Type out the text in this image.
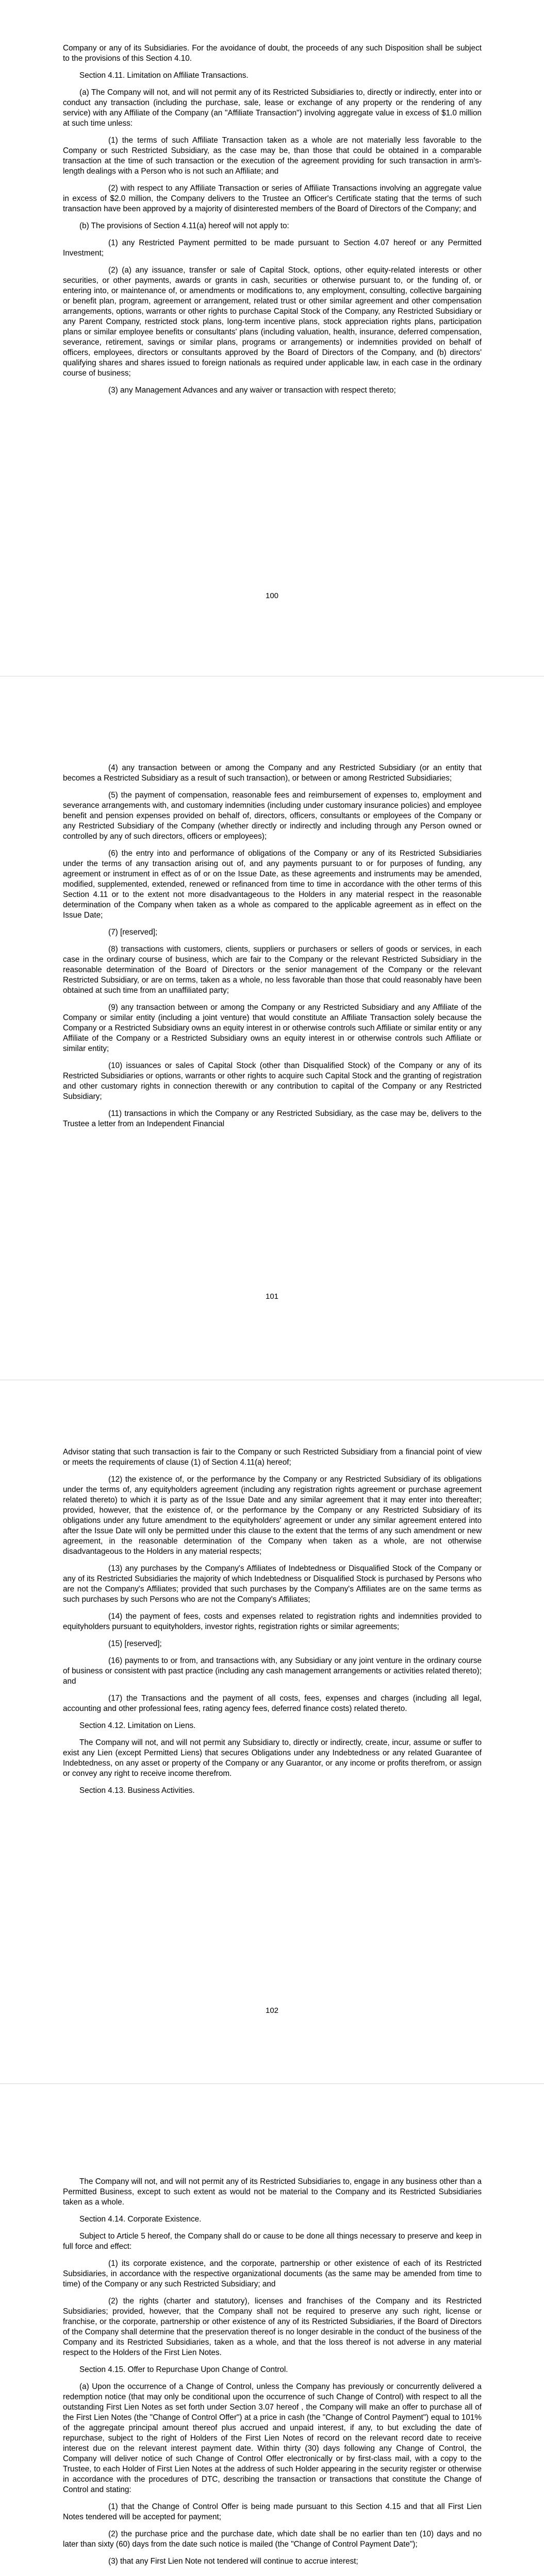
Company or any of its Subsidiaries. For the avoidance of doubt, the proceeds of any such Disposition shall be subject to the provisions of this Section 4.10.

Section 4.11. Limitation on Affiliate Transactions.

(a) The Company will not, and will not permit any of its Restricted Subsidiaries to, directly or indirectly, enter into or conduct any transaction (including the purchase, sale, lease or exchange of any property or the rendering of any service) with any Affiliate of the Company (an "Affiliate Transaction") involving aggregate value in excess of $1.0 million at such time unless:

(1) the terms of such Affiliate Transaction taken as a whole are not materially less favorable to the Company or such Restricted Subsidiary, as the case may be, than those that could be obtained in a comparable transaction at the time of such transaction or the execution of the agreement providing for such transaction in arm's-length dealings with a Person who is not such an Affiliate; and

(2) with respect to any Affiliate Transaction or series of Affiliate Transactions involving an aggregate value in excess of $2.0 million, the Company delivers to the Trustee an Officer's Certificate stating that the terms of such transaction have been approved by a majority of disinterested members of the Board of Directors of the Company; and

(b) The provisions of Section 4.11(a) hereof will not apply to:

(1) any Restricted Payment permitted to be made pursuant to Section 4.07 hereof or any Permitted Investment;

(2) (a) any issuance, transfer or sale of Capital Stock, options, other equity-related interests or other securities, or other payments, awards or grants in cash, securities or otherwise pursuant to, or the funding of, or entering into, or maintenance of, or amendments or modifications to, any employment, consulting, collective bargaining or benefit plan, program, agreement or arrangement, related trust or other similar agreement and other compensation arrangements, options, warrants or other rights to purchase Capital Stock of the Company, any Restricted Subsidiary or any Parent Company, restricted stock plans, long-term incentive plans, stock appreciation rights plans, participation plans or similar employee benefits or consultants' plans (including valuation, health, insurance, deferred compensation, severance, retirement, savings or similar plans, programs or arrangements) or indemnities provided on behalf of officers, employees, directors or consultants approved by the Board of Directors of the Company, and (b) directors' qualifying shares and shares issued to foreign nationals as required under applicable law, in each case in the ordinary course of business;

(3) any Management Advances and any waiver or transaction with respect thereto;

100

(4) any transaction between or among the Company and any Restricted Subsidiary (or an entity that becomes a Restricted Subsidiary as a result of such transaction), or between or among Restricted Subsidiaries;

(5) the payment of compensation, reasonable fees and reimbursement of expenses to, employment and severance arrangements with, and customary indemnities (including under customary insurance policies) and employee benefit and pension expenses provided on behalf of, directors, officers, consultants or employees of the Company or any Restricted Subsidiary of the Company (whether directly or indirectly and including through any Person owned or controlled by any of such directors, officers or employees);

(6) the entry into and performance of obligations of the Company or any of its Restricted Subsidiaries under the terms of any transaction arising out of, and any payments pursuant to or for purposes of funding, any agreement or instrument in effect as of or on the Issue Date, as these agreements and instruments may be amended, modified, supplemented, extended, renewed or refinanced from time to time in accordance with the other terms of this Section 4.11 or to the extent not more disadvantageous to the Holders in any material respect in the reasonable determination of the Company when taken as a whole as compared to the applicable agreement as in effect on the Issue Date;

(7) [reserved];

(8) transactions with customers, clients, suppliers or purchasers or sellers of goods or services, in each case in the ordinary course of business, which are fair to the Company or the relevant Restricted Subsidiary in the reasonable determination of the Board of Directors or the senior management of the Company or the relevant Restricted Subsidiary, or are on terms, taken as a whole, no less favorable than those that could reasonably have been obtained at such time from an unaffiliated party;

(9) any transaction between or among the Company or any Restricted Subsidiary and any Affiliate of the Company or similar entity (including a joint venture) that would constitute an Affiliate Transaction solely because the Company or a Restricted Subsidiary owns an equity interest in or otherwise controls such Affiliate or similar entity or any Affiliate of the Company or a Restricted Subsidiary owns an equity interest in or otherwise controls such Affiliate or similar entity;

(10) issuances or sales of Capital Stock (other than Disqualified Stock) of the Company or any of its Restricted Subsidiaries or options, warrants or other rights to acquire such Capital Stock and the granting of registration and other customary rights in connection therewith or any contribution to capital of the Company or any Restricted Subsidiary;

(11) transactions in which the Company or any Restricted Subsidiary, as the case may be, delivers to the Trustee a letter from an Independent Financial

101

Advisor stating that such transaction is fair to the Company or such Restricted Subsidiary from a financial point of view or meets the requirements of clause (1) of Section 4.11(a) hereof;

(12) the existence of, or the performance by the Company or any Restricted Subsidiary of its obligations under the terms of, any equityholders agreement (including any registration rights agreement or purchase agreement related thereto) to which it is party as of the Issue Date and any similar agreement that it may enter into thereafter; provided, however, that the existence of, or the performance by the Company or any Restricted Subsidiary of its obligations under any future amendment to the equityholders' agreement or under any similar agreement entered into after the Issue Date will only be permitted under this clause to the extent that the terms of any such amendment or new agreement, in the reasonable determination of the Company when taken as a whole, are not otherwise disadvantageous to the Holders in any material respects;

(13) any purchases by the Company's Affiliates of Indebtedness or Disqualified Stock of the Company or any of its Restricted Subsidiaries the majority of which Indebtedness or Disqualified Stock is purchased by Persons who are not the Company's Affiliates; provided that such purchases by the Company's Affiliates are on the same terms as such purchases by such Persons who are not the Company's Affiliates;

(14) the payment of fees, costs and expenses related to registration rights and indemnities provided to equityholders pursuant to equityholders, investor rights, registration rights or similar agreements;

(15) [reserved];

(16) payments to or from, and transactions with, any Subsidiary or any joint venture in the ordinary course of business or consistent with past practice (including any cash management arrangements or activities related thereto); and

(17) the Transactions and the payment of all costs, fees, expenses and charges (including all legal, accounting and other professional fees, rating agency fees, deferred finance costs) related thereto.

Section 4.12. Limitation on Liens.

The Company will not, and will not permit any Subsidiary to, directly or indirectly, create, incur, assume or suffer to exist any Lien (except Permitted Liens) that secures Obligations under any Indebtedness or any related Guarantee of Indebtedness, on any asset or property of the Company or any Guarantor, or any income or profits therefrom, or assign or convey any right to receive income therefrom.

Section 4.13. Business Activities.

102

The Company will not, and will not permit any of its Restricted Subsidiaries to, engage in any business other than a Permitted Business, except to such extent as would not be material to the Company and its Restricted Subsidiaries taken as a whole.

Section 4.14. Corporate Existence.

Subject to Article 5 hereof, the Company shall do or cause to be done all things necessary to preserve and keep in full force and effect:

(1) its corporate existence, and the corporate, partnership or other existence of each of its Restricted Subsidiaries, in accordance with the respective organizational documents (as the same may be amended from time to time) of the Company or any such Restricted Subsidiary; and

(2) the rights (charter and statutory), licenses and franchises of the Company and its Restricted Subsidiaries; provided, however, that the Company shall not be required to preserve any such right, license or franchise, or the corporate, partnership or other existence of any of its Restricted Subsidiaries, if the Board of Directors of the Company shall determine that the preservation thereof is no longer desirable in the conduct of the business of the Company and its Restricted Subsidiaries, taken as a whole, and that the loss thereof is not adverse in any material respect to the Holders of the First Lien Notes.

Section 4.15. Offer to Repurchase Upon Change of Control.

(a) Upon the occurrence of a Change of Control, unless the Company has previously or concurrently delivered a redemption notice (that may only be conditional upon the occurrence of such Change of Control) with respect to all the outstanding First Lien Notes as set forth under Section 3.07 hereof , the Company will make an offer to purchase all of the First Lien Notes (the "Change of Control Offer") at a price in cash (the "Change of Control Payment") equal to 101% of the aggregate principal amount thereof plus accrued and unpaid interest, if any, to but excluding the date of repurchase, subject to the right of Holders of the First Lien Notes of record on the relevant record date to receive interest due on the relevant interest payment date. Within thirty (30) days following any Change of Control, the Company will deliver notice of such Change of Control Offer electronically or by first-class mail, with a copy to the Trustee, to each Holder of First Lien Notes at the address of such Holder appearing in the security register or otherwise in accordance with the procedures of DTC, describing the transaction or transactions that constitute the Change of Control and stating:

(1) that the Change of Control Offer is being made pursuant to this Section 4.15 and that all First Lien Notes tendered will be accepted for payment;

(2) the purchase price and the purchase date, which date shall be no earlier than ten (10) days and no later than sixty (60) days from the date such notice is mailed (the "Change of Control Payment Date");

(3) that any First Lien Note not tendered will continue to accrue interest;
